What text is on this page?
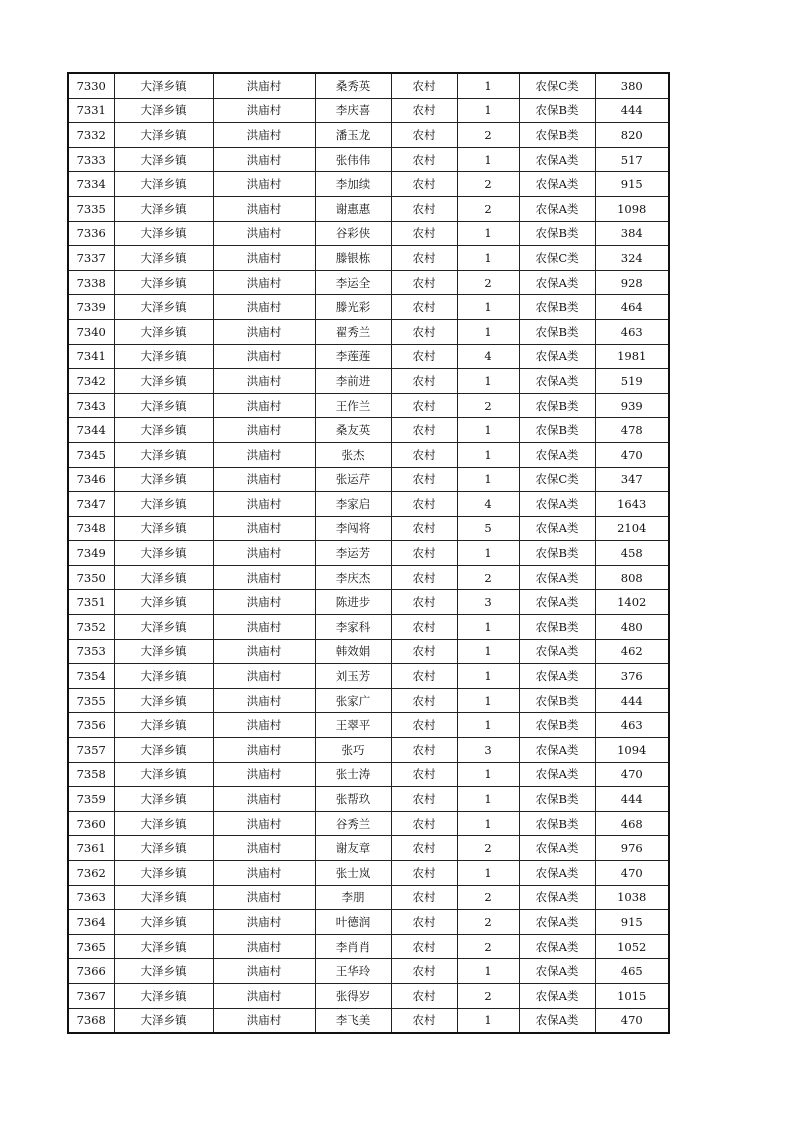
7330	大泽乡镇	洪庙村	桑秀英	农村	1	农保C类	380
7331	大泽乡镇	洪庙村	李庆喜	农村	1	农保B类	444
7332	大泽乡镇	洪庙村	潘玉龙	农村	2	农保B类	820
7333	大泽乡镇	洪庙村	张伟伟	农村	1	农保A类	517
7334	大泽乡镇	洪庙村	李加续	农村	2	农保A类	915
7335	大泽乡镇	洪庙村	谢惠惠	农村	2	农保A类	1098
7336	大泽乡镇	洪庙村	谷彩侠	农村	1	农保B类	384
7337	大泽乡镇	洪庙村	滕银栋	农村	1	农保C类	324
7338	大泽乡镇	洪庙村	李运全	农村	2	农保A类	928
7339	大泽乡镇	洪庙村	滕光彩	农村	1	农保B类	464
7340	大泽乡镇	洪庙村	翟秀兰	农村	1	农保B类	463
7341	大泽乡镇	洪庙村	李莲莲	农村	4	农保A类	1981
7342	大泽乡镇	洪庙村	李前进	农村	1	农保A类	519
7343	大泽乡镇	洪庙村	王作兰	农村	2	农保B类	939
7344	大泽乡镇	洪庙村	桑友英	农村	1	农保B类	478
7345	大泽乡镇	洪庙村	张杰	农村	1	农保A类	470
7346	大泽乡镇	洪庙村	张运芹	农村	1	农保C类	347
7347	大泽乡镇	洪庙村	李家启	农村	4	农保A类	1643
7348	大泽乡镇	洪庙村	李闯将	农村	5	农保A类	2104
7349	大泽乡镇	洪庙村	李运芳	农村	1	农保B类	458
7350	大泽乡镇	洪庙村	李庆杰	农村	2	农保A类	808
7351	大泽乡镇	洪庙村	陈进步	农村	3	农保A类	1402
7352	大泽乡镇	洪庙村	李家科	农村	1	农保B类	480
7353	大泽乡镇	洪庙村	韩效娟	农村	1	农保A类	462
7354	大泽乡镇	洪庙村	刘玉芳	农村	1	农保A类	376
7355	大泽乡镇	洪庙村	张家广	农村	1	农保B类	444
7356	大泽乡镇	洪庙村	王翠平	农村	1	农保B类	463
7357	大泽乡镇	洪庙村	张巧	农村	3	农保A类	1094
7358	大泽乡镇	洪庙村	张士涛	农村	1	农保A类	470
7359	大泽乡镇	洪庙村	张帮玖	农村	1	农保B类	444
7360	大泽乡镇	洪庙村	谷秀兰	农村	1	农保B类	468
7361	大泽乡镇	洪庙村	谢友章	农村	2	农保A类	976
7362	大泽乡镇	洪庙村	张士岚	农村	1	农保A类	470
7363	大泽乡镇	洪庙村	李朋	农村	2	农保A类	1038
7364	大泽乡镇	洪庙村	叶德润	农村	2	农保A类	915
7365	大泽乡镇	洪庙村	李肖肖	农村	2	农保A类	1052
7366	大泽乡镇	洪庙村	王华玲	农村	1	农保A类	465
7367	大泽乡镇	洪庙村	张得岁	农村	2	农保A类	1015
7368	大泽乡镇	洪庙村	李飞美	农村	1	农保A类	470
